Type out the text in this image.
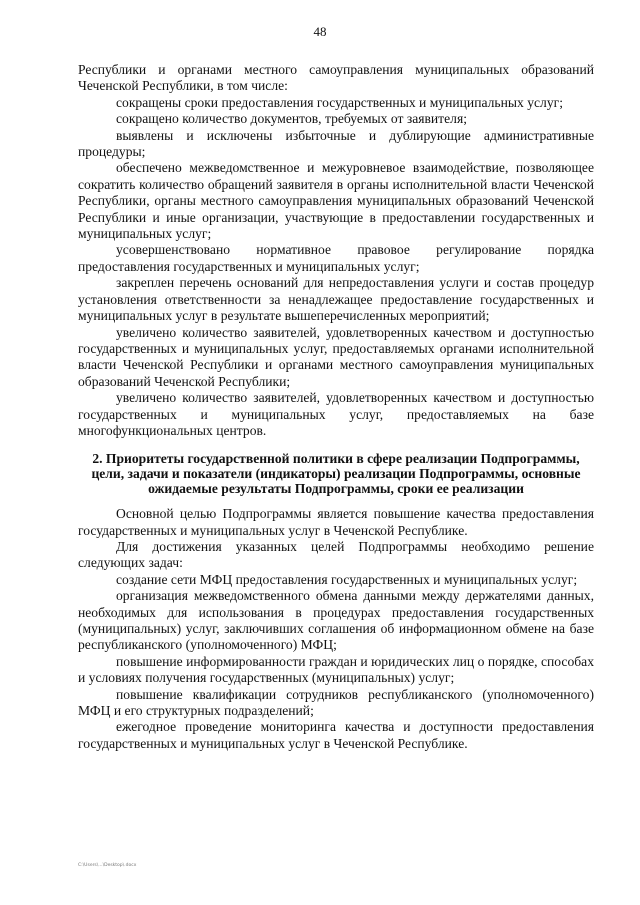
48

Республики и органами местного самоуправления муниципальных образований Чеченской Республики, в том числе:

сокращены сроки предоставления государственных и муниципальных услуг;

сокращено количество документов, требуемых от заявителя;

выявлены и исключены избыточные и дублирующие административные процедуры;

обеспечено межведомственное и межуровневое взаимодействие, позволяющее сократить количество обращений заявителя в органы исполнительной власти Чеченской Республики, органы местного самоуправления муниципальных образований Чеченской Республики и иные организации, участвующие в предоставлении государственных и муниципальных услуг;

усовершенствовано нормативное правовое регулирование порядка предоставления государственных и муниципальных услуг;

закреплен перечень оснований для непредоставления услуги и состав процедур установления ответственности за ненадлежащее предоставление государственных и муниципальных услуг в результате вышеперечисленных мероприятий;

увеличено количество заявителей, удовлетворенных качеством и доступностью государственных и муниципальных услуг, предоставляемых органами исполнительной власти Чеченской Республики и органами местного самоуправления муниципальных образований Чеченской Республики;

увеличено количество заявителей, удовлетворенных качеством и доступностью государственных и муниципальных услуг, предоставляемых на базе многофункциональных центров.

2. Приоритеты государственной политики в сфере реализации Подпрограммы, цели, задачи и показатели (индикаторы) реализации Подпрограммы, основные ожидаемые результаты Подпрограммы, сроки ее реализации

Основной целью Подпрограммы является повышение качества предоставления государственных и муниципальных услуг в Чеченской Республике.

Для достижения указанных целей Подпрограммы необходимо решение следующих задач:

создание сети МФЦ предоставления государственных и муниципальных услуг;

организация межведомственного обмена данными между держателями данных, необходимых для использования в процедурах предоставления государственных (муниципальных) услуг, заключивших соглашения об информационном обмене на базе республиканского (уполномоченного) МФЦ;

повышение информированности граждан и юридических лиц о порядке, способах и условиях получения государственных (муниципальных) услуг;

повышение квалификации сотрудников республиканского (уполномоченного) МФЦ и его структурных подразделений;

ежегодное проведение мониторинга качества и доступности предоставления государственных и муниципальных услуг в Чеченской Республике.

C:\Users\...\Desktop\.docx
